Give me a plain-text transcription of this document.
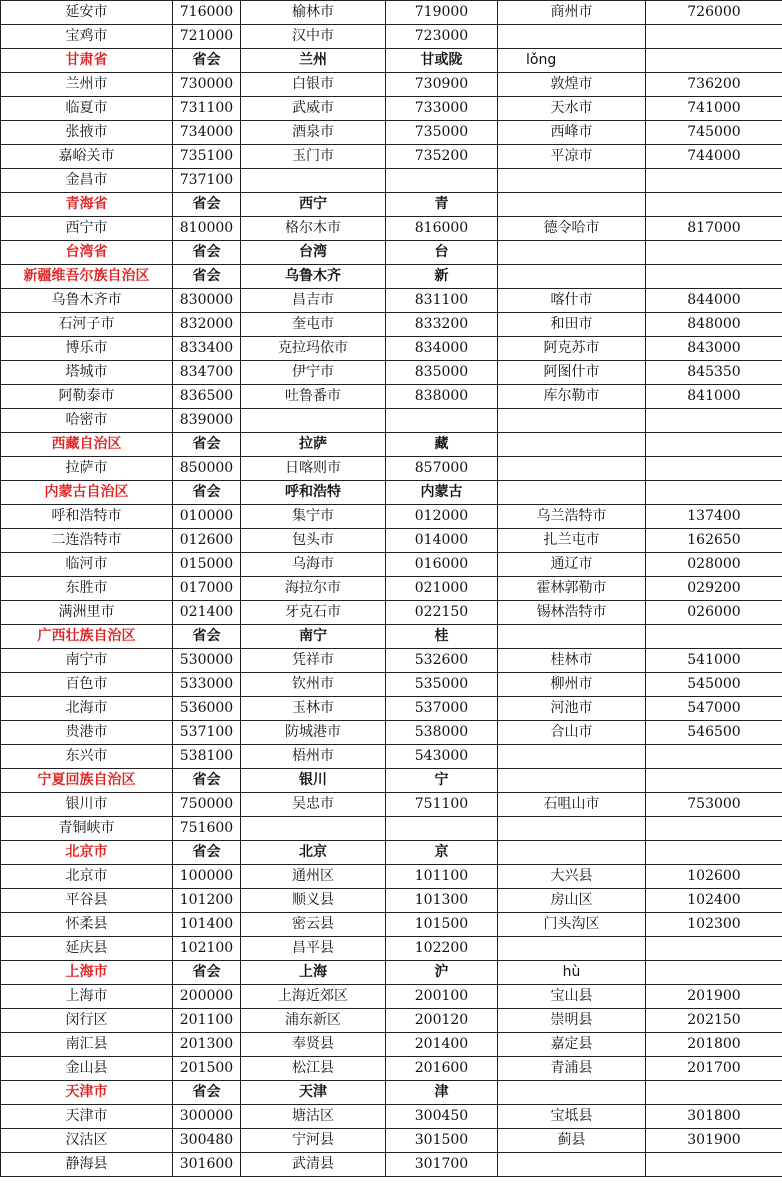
延安市	716000	榆林市	719000	商州市	726000
宝鸡市	721000	汉中市	723000		
甘肃省	省会	兰州	甘或陇	lǒng	
兰州市	730000	白银市	730900	敦煌市	736200
临夏市	731100	武威市	733000	天水市	741000
张掖市	734000	酒泉市	735000	西峰市	745000
嘉峪关市	735100	玉门市	735200	平凉市	744000
金昌市	737100				
青海省	省会	西宁	青		
西宁市	810000	格尔木市	816000	德令哈市	817000
台湾省	省会	台湾	台		
新疆维吾尔族自治区	省会	乌鲁木齐	新		
乌鲁木齐市	830000	昌吉市	831100	喀什市	844000
石河子市	832000	奎屯市	833200	和田市	848000
博乐市	833400	克拉玛依市	834000	阿克苏市	843000
塔城市	834700	伊宁市	835000	阿图什市	845350
阿勒泰市	836500	吐鲁番市	838000	库尔勒市	841000
哈密市	839000				
西藏自治区	省会	拉萨	藏		
拉萨市	850000	日喀则市	857000		
内蒙古自治区	省会	呼和浩特	内蒙古		
呼和浩特市	010000	集宁市	012000	乌兰浩特市	137400
二连浩特市	012600	包头市	014000	扎兰屯市	162650
临河市	015000	乌海市	016000	通辽市	028000
东胜市	017000	海拉尔市	021000	霍林郭勒市	029200
满洲里市	021400	牙克石市	022150	锡林浩特市	026000
广西壮族自治区	省会	南宁	桂		
南宁市	530000	凭祥市	532600	桂林市	541000
百色市	533000	钦州市	535000	柳州市	545000
北海市	536000	玉林市	537000	河池市	547000
贵港市	537100	防城港市	538000	合山市	546500
东兴市	538100	梧州市	543000		
宁夏回族自治区	省会	银川	宁		
银川市	750000	吴忠市	751100	石咀山市	753000
青铜峡市	751600				
北京市	省会	北京	京		
北京市	100000	通州区	101100	大兴县	102600
平谷县	101200	顺义县	101300	房山区	102400
怀柔县	101400	密云县	101500	门头沟区	102300
延庆县	102100	昌平县	102200		
上海市	省会	上海	沪	hù	
上海市	200000	上海近郊区	200100	宝山县	201900
闵行区	201100	浦东新区	200120	崇明县	202150
南汇县	201300	奉贤县	201400	嘉定县	201800
金山县	201500	松江县	201600	青浦县	201700
天津市	省会	天津	津		
天津市	300000	塘沽区	300450	宝坻县	301800
汉沽区	300480	宁河县	301500	蓟县	301900
静海县	301600	武清县	301700		
